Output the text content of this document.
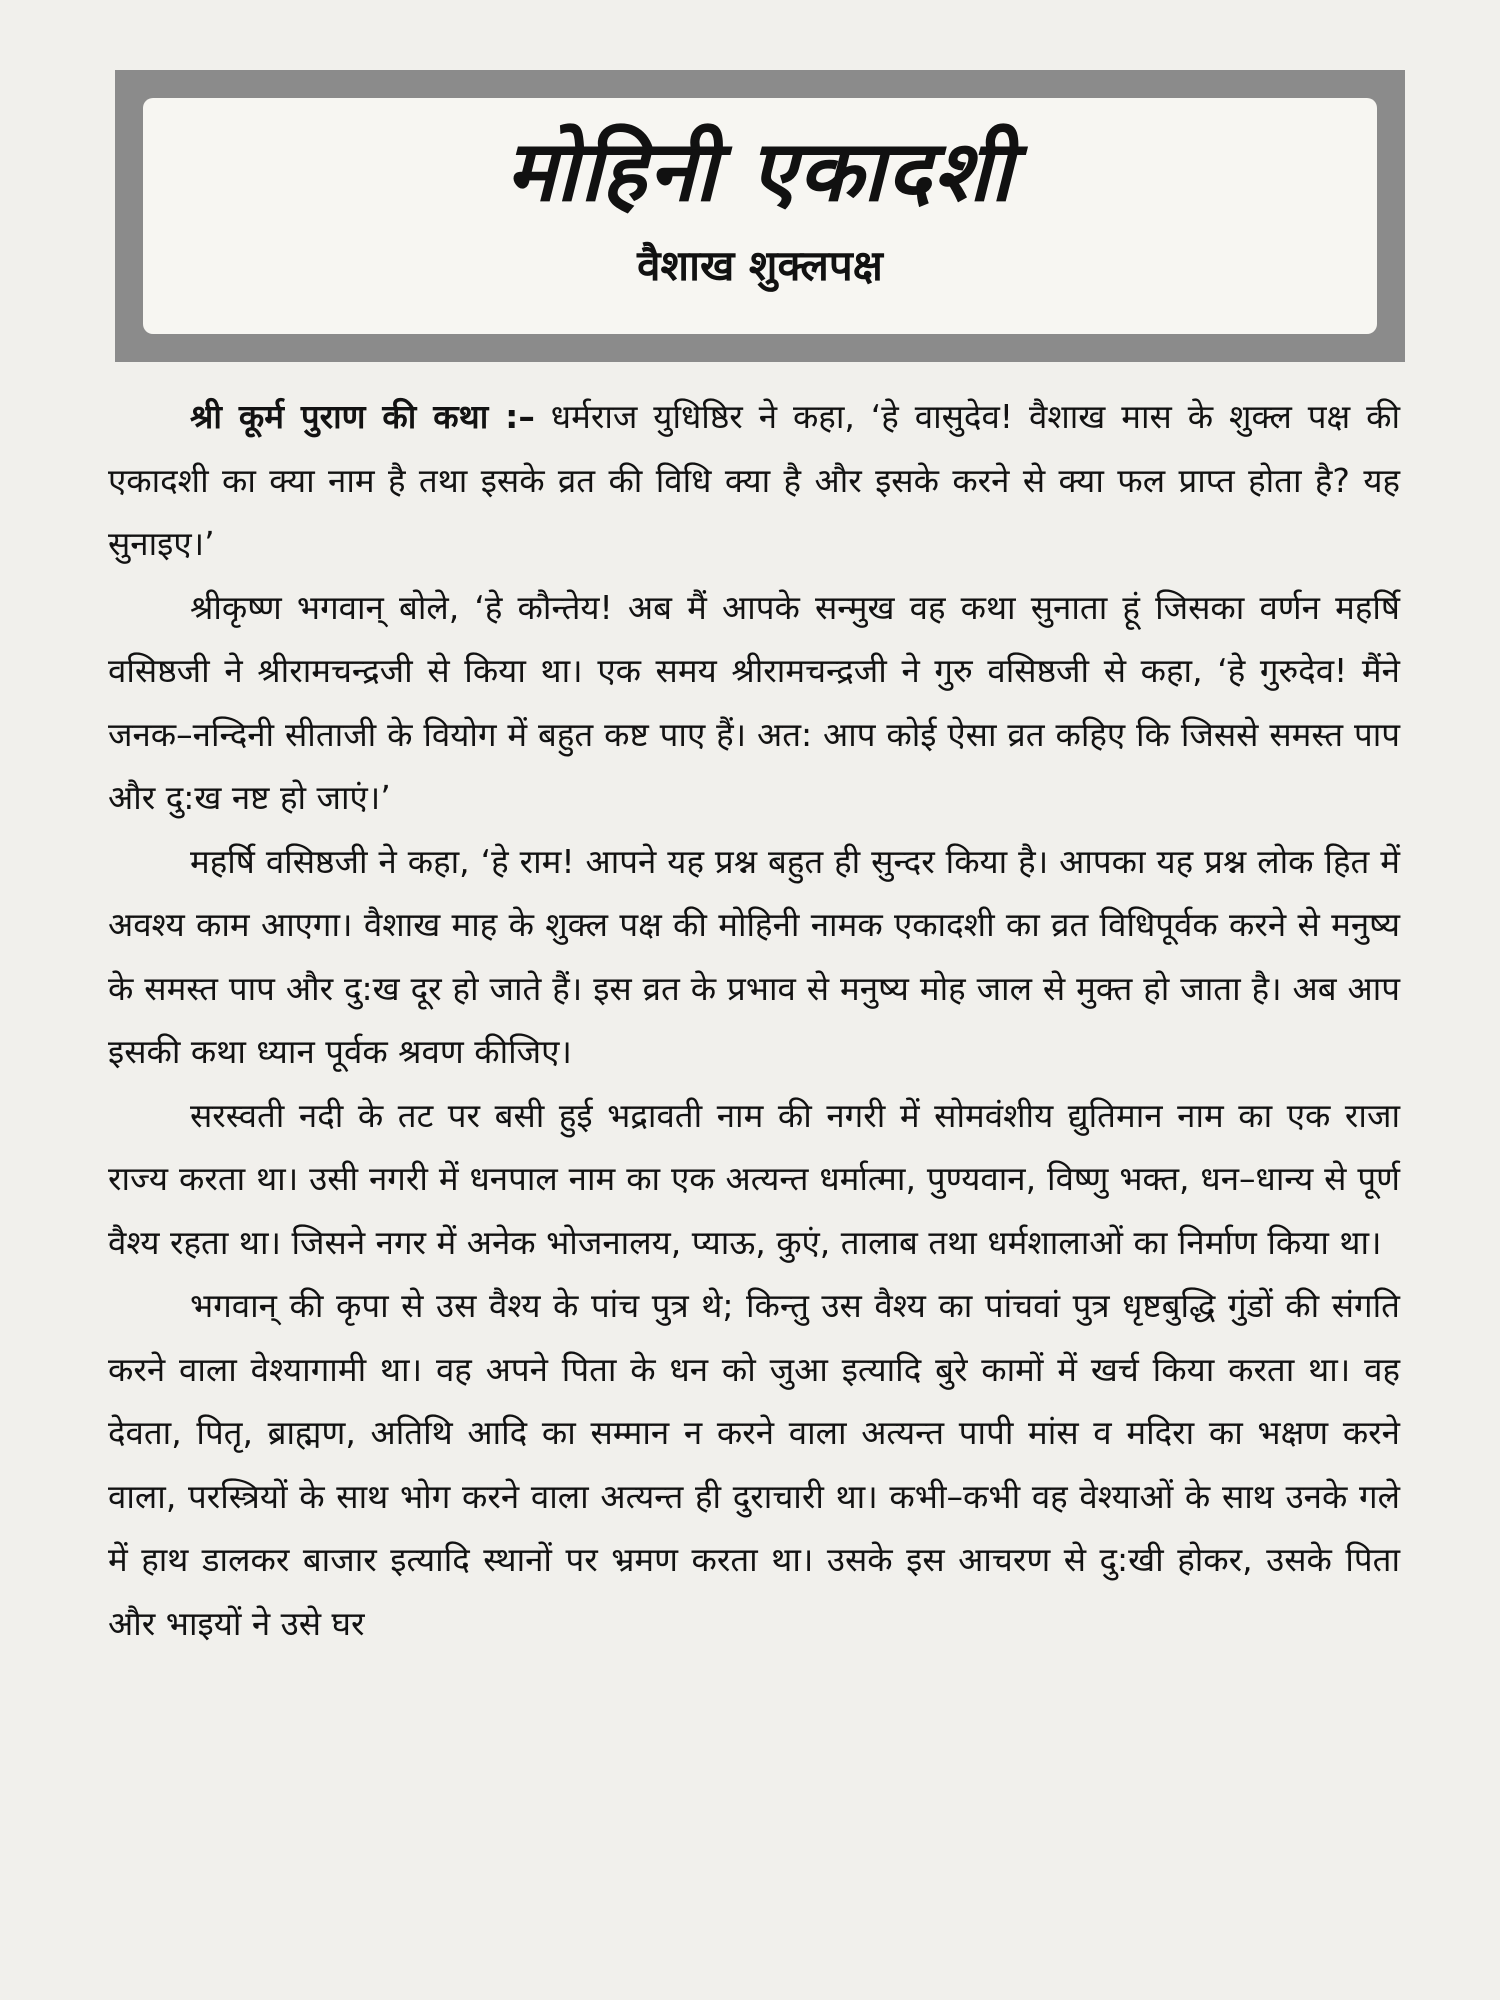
मोहिनी एकादशी
वैशाख शुक्लपक्ष

श्री कूर्म पुराण की कथा :– धर्मराज युधिष्ठिर ने कहा, ‘हे वासुदेव! वैशाख मास के शुक्ल पक्ष की एकादशी का क्या नाम है तथा इसके व्रत की विधि क्या है और इसके करने से क्या फल प्राप्त होता है? यह सुनाइए।’

श्रीकृष्ण भगवान् बोले, ‘हे कौन्तेय! अब मैं आपके सन्मुख वह कथा सुनाता हूं जिसका वर्णन महर्षि वसिष्ठजी ने श्रीरामचन्द्रजी से किया था। एक समय श्रीरामचन्द्रजी ने गुरु वसिष्ठजी से कहा, ‘हे गुरुदेव! मैंने जनक–नन्दिनी सीताजी के वियोग में बहुत कष्ट पाए हैं। अत: आप कोई ऐसा व्रत कहिए कि जिससे समस्त पाप और दु:ख नष्ट हो जाएं।’

महर्षि वसिष्ठजी ने कहा, ‘हे राम! आपने यह प्रश्न बहुत ही सुन्दर किया है। आपका यह प्रश्न लोक हित में अवश्य काम आएगा। वैशाख माह के शुक्ल पक्ष की मोहिनी नामक एकादशी का व्रत विधिपूर्वक करने से मनुष्य के समस्त पाप और दु:ख दूर हो जाते हैं। इस व्रत के प्रभाव से मनुष्य मोह जाल से मुक्त हो जाता है। अब आप इसकी कथा ध्यान पूर्वक श्रवण कीजिए।

सरस्वती नदी के तट पर बसी हुई भद्रावती नाम की नगरी में सोमवंशीय द्युतिमान नाम का एक राजा राज्य करता था। उसी नगरी में धनपाल नाम का एक अत्यन्त धर्मात्मा, पुण्यवान, विष्णु भक्त, धन–धान्य से पूर्ण वैश्य रहता था। जिसने नगर में अनेक भोजनालय, प्याऊ, कुएं, तालाब तथा धर्मशालाओं का निर्माण किया था।

भगवान् की कृपा से उस वैश्य के पांच पुत्र थे; किन्तु उस वैश्य का पांचवां पुत्र धृष्टबुद्धि गुंडों की संगति करने वाला वेश्यागामी था। वह अपने पिता के धन को जुआ इत्यादि बुरे कामों में खर्च किया करता था। वह देवता, पितृ, ब्राह्मण, अतिथि आदि का सम्मान न करने वाला अत्यन्त पापी मांस व मदिरा का भक्षण करने वाला, परस्त्रियों के साथ भोग करने वाला अत्यन्त ही दुराचारी था। कभी–कभी वह वेश्याओं के साथ उनके गले में हाथ डालकर बाजार इत्यादि स्थानों पर भ्रमण करता था। उसके इस आचरण से दु:खी होकर, उसके पिता और भाइयों ने उसे घर
